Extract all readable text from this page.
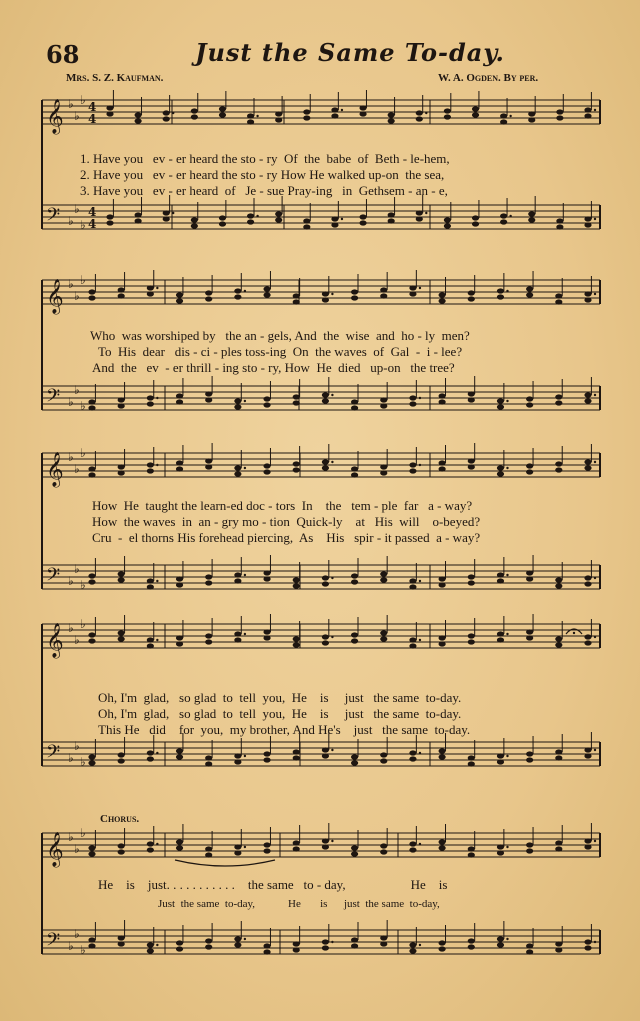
68	Just the Same To-day.
Mrs. S. Z. Kaufman.	W. A. Ogden. By per.
𝄞 ♭
♭
♭ 4
4
𝄢 ♭
♭
♭
4
4
𝄞 ♭
♭
♭
𝄢 ♭
♭
♭
𝄞 ♭
♭
♭
𝄢 ♭
♭
♭
𝄞 ♭
♭
♭
𝄢 ♭
♭
♭
𝄞 ♭
♭
♭
𝄢 ♭
♭
♭
1. Have you   ev - er heard the sto - ry  Of  the  babe  of  Beth - le-hem,
2. Have you   ev - er heard the sto - ry How He walked up-on  the sea,
3. Have you   ev - er heard  of   Je - sue Pray-ing   in  Gethsem - an - e,
Who  was worshiped by   the an - gels, And  the  wise  and  ho - ly  men?
To  His  dear   dis - ci - ples toss-ing  On  the waves  of  Gal  -  i - lee?
And  the   ev  - er thrill - ing sto - ry, How  He  died   up-on   the tree?
How  He  taught the learn-ed doc - tors  In    the   tem - ple  far   a - way?
How  the waves  in  an - gry mo - tion  Quick-ly    at   His  will    o-beyed?
Cru  -  el thorns His forehead piercing,  As    His   spir - it passed  a - way?
Oh, I'm  glad,   so glad  to  tell  you,  He    is     just   the same  to-day.
Oh, I'm  glad,   so glad  to  tell  you,  He    is     just   the same  to-day.
This He   did    for  you,  my brother, And He's    just   the same  to-day.
Chorus.
He    is    just. . . . . . . . . . .    the same   to - day,                    He    is
Just  the same  to-day,            He       is      just  the same  to-day,
